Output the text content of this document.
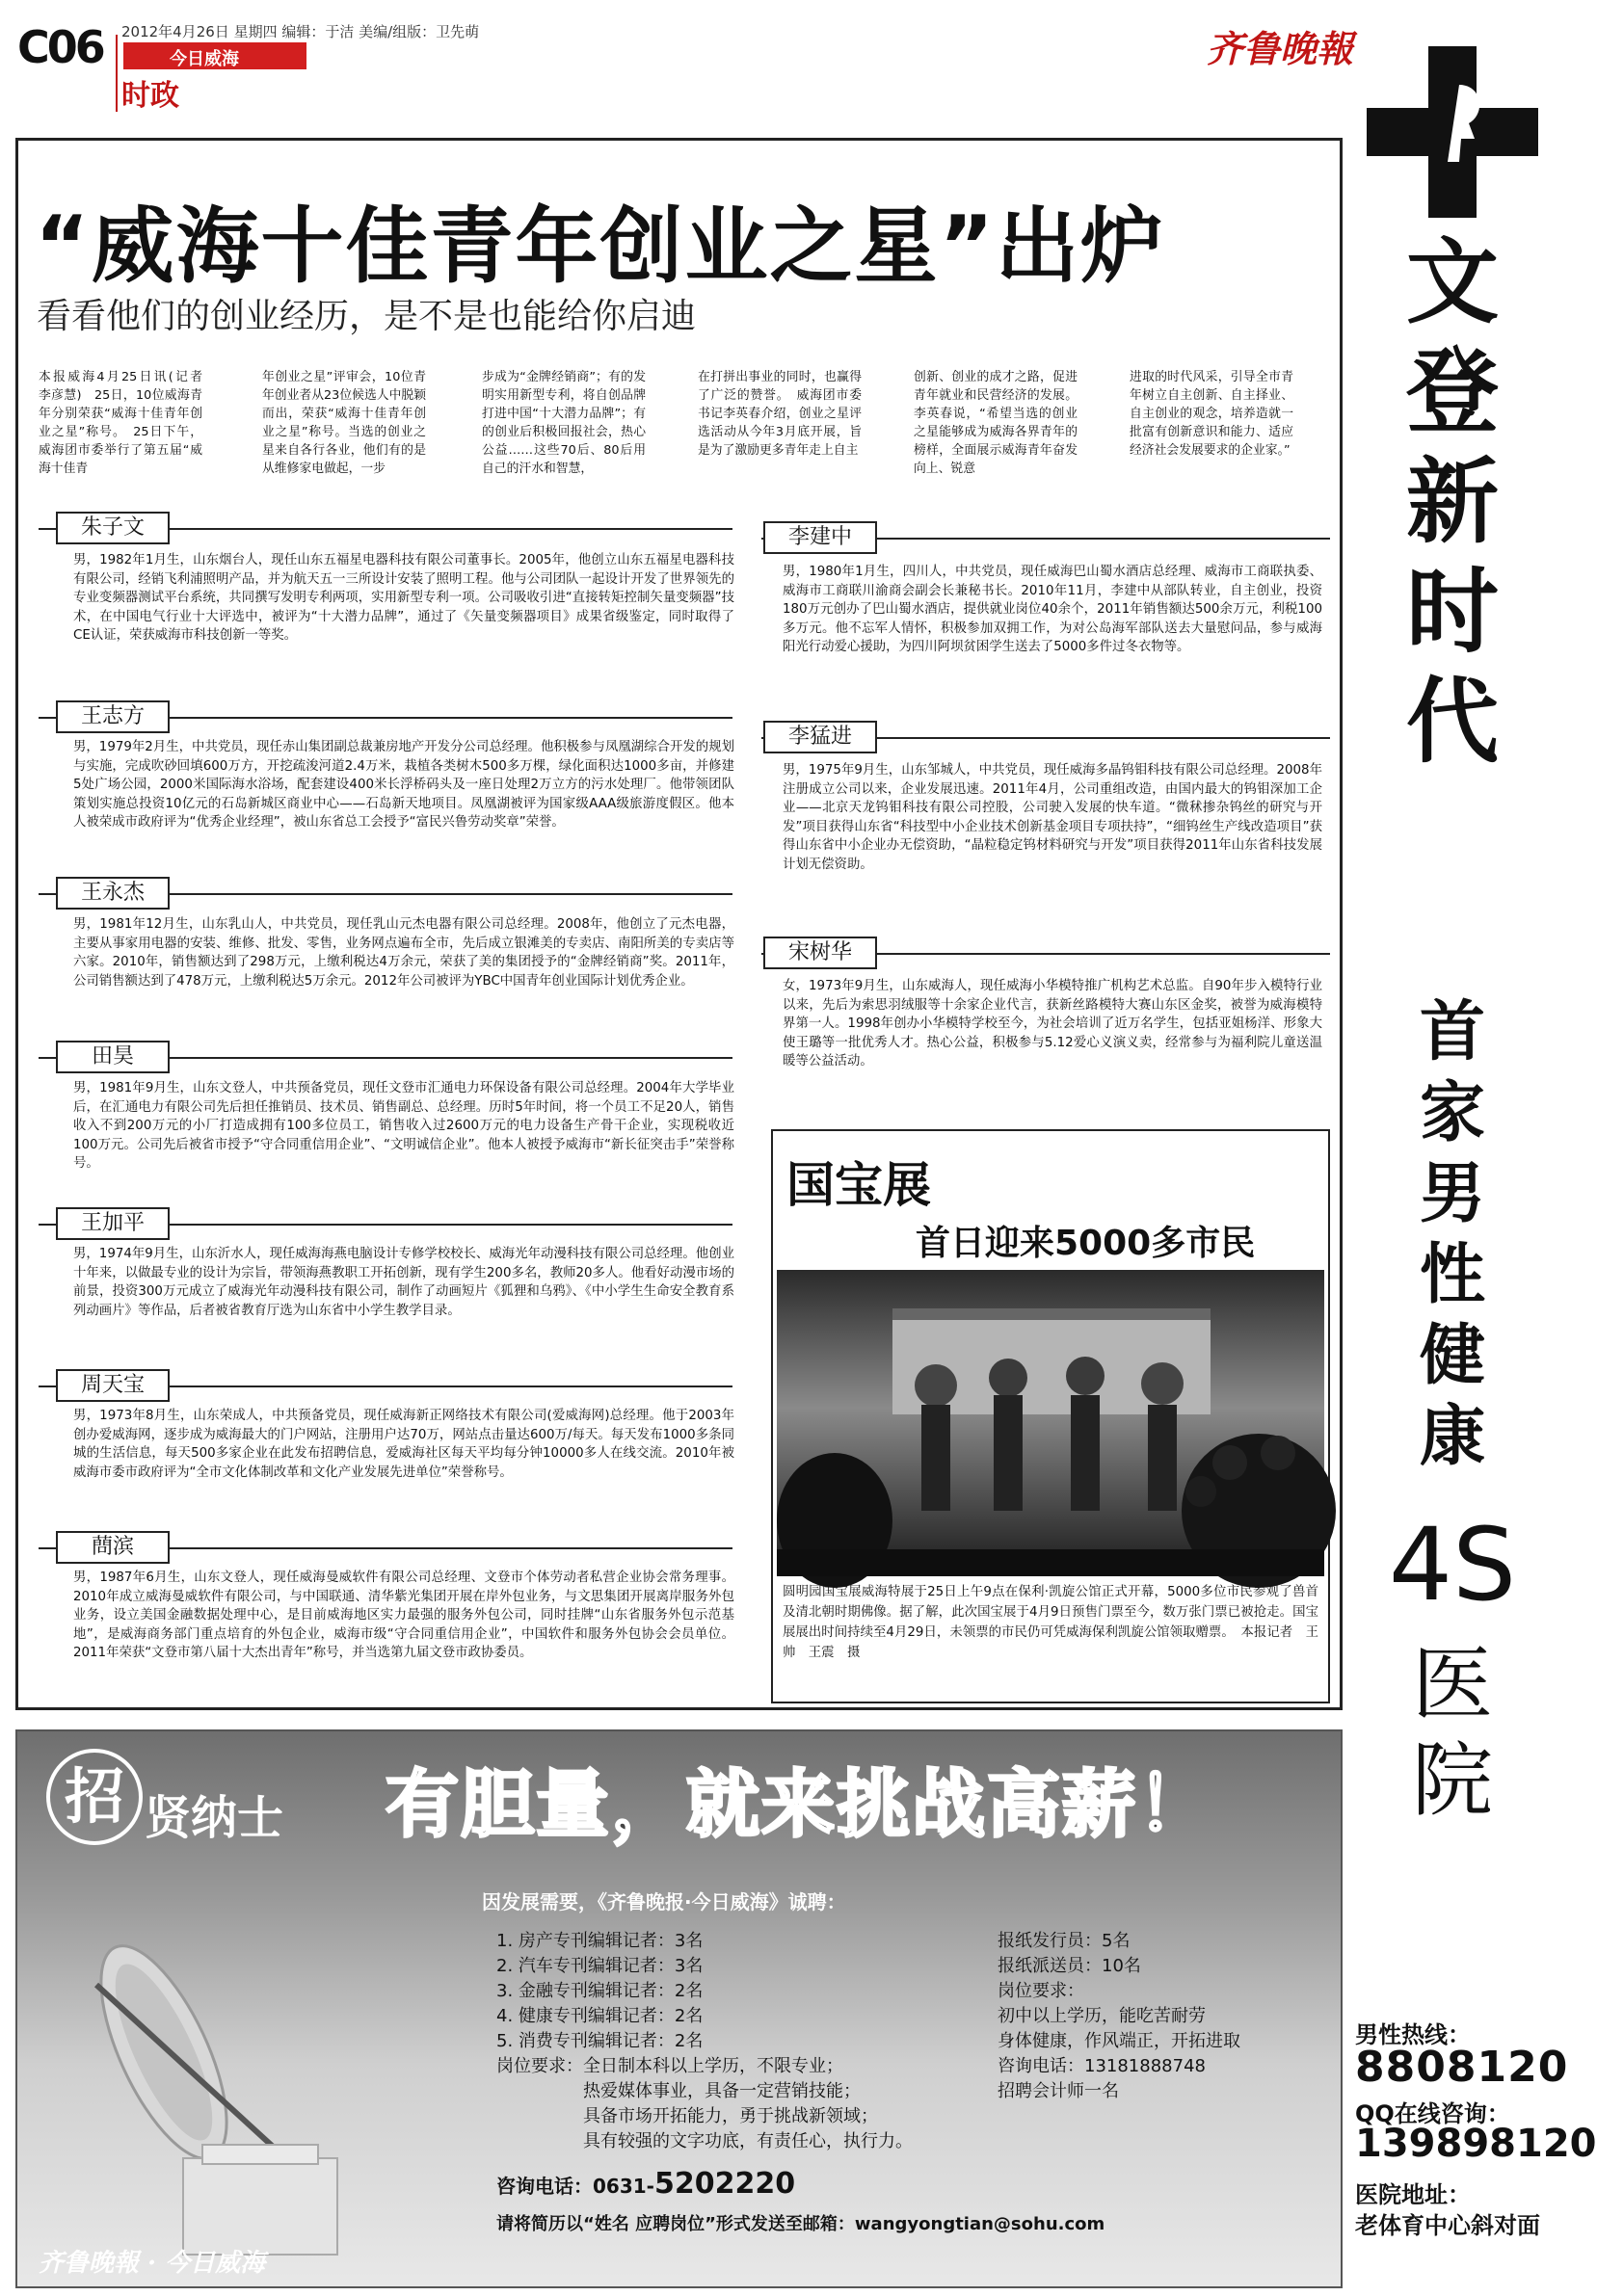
C06 2012年4月26日 星期四 编辑：于洁 美编/组版：卫先萌
今日威海
时政
齐鲁晚報
“威海十佳青年创业之星”出炉
看看他们的创业经历，是不是也能给你启迪
本报威海4月25日讯(记者　李彦慧)　25日，10位威海青年分别荣获“威海十佳青年创业之星”称号。　25日下午，威海团市委举行了第五届“威海十佳青
年创业之星”评审会，10位青年创业者从23位候选人中脱颖而出，荣获“威海十佳青年创业之星”称号。当选的创业之星来自各行各业，他们有的是从维修家电做起，一步
步成为“金牌经销商”；有的发明实用新型专利，将自创品牌打进中国“十大潜力品牌”；有的创业后积极回报社会，热心公益……这些70后、80后用自己的汗水和智慧，
在打拼出事业的同时，也赢得了广泛的赞誉。　威海团市委书记李英春介绍，创业之星评选活动从今年3月底开展，旨是为了激励更多青年走上自主
创新、创业的成才之路，促进青年就业和民营经济的发展。李英春说，“希望当选的创业之星能够成为威海各界青年的榜样，全面展示威海青年奋发向上、锐意
进取的时代风采，引导全市青年树立自主创新、自主择业、自主创业的观念，培养造就一批富有创新意识和能力、适应经济社会发展要求的企业家。”
朱子文
男，1982年1月生，山东烟台人，现任山东五福星电器科技有限公司董事长。2005年，他创立山东五福星电器科技有限公司，经销飞利浦照明产品，并为航天五一三所设计安装了照明工程。他与公司团队一起设计开发了世界领先的专业变频器测试平台系统，共同撰写发明专利两项，实用新型专利一项。公司吸收引进“直接转矩控制矢量变频器”技术，在中国电气行业十大评选中，被评为“十大潜力品牌”，通过了《矢量变频器项目》成果省级鉴定，同时取得了CE认证，荣获威海市科技创新一等奖。
王志方
男，1979年2月生，中共党员，现任赤山集团副总裁兼房地产开发分公司总经理。他积极参与凤凰湖综合开发的规划与实施，完成吹砂回填600万方，开挖疏浚河道2.4万米，栽植各类树木500多万棵，绿化面积达1000多亩，并修建5处广场公园，2000米国际海水浴场，配套建设400米长浮桥码头及一座日处理2万立方的污水处理厂。他带领团队策划实施总投资10亿元的石岛新城区商业中心——石岛新天地项目。凤凰湖被评为国家级AAA级旅游度假区。他本人被荣成市政府评为“优秀企业经理”，被山东省总工会授予“富民兴鲁劳动奖章”荣誉。
王永杰
男，1981年12月生，山东乳山人，中共党员，现任乳山元杰电器有限公司总经理。2008年，他创立了元杰电器，主要从事家用电器的安装、维修、批发、零售，业务网点遍布全市，先后成立银滩美的专卖店、南阳所美的专卖店等六家。2010年，销售额达到了298万元，上缴利税达4万余元，荣获了美的集团授予的“金牌经销商”奖。2011年，公司销售额达到了478万元，上缴利税达5万余元。2012年公司被评为YBC中国青年创业国际计划优秀企业。
田昊
男，1981年9月生，山东文登人，中共预备党员，现任文登市汇通电力环保设备有限公司总经理。2004年大学毕业后，在汇通电力有限公司先后担任推销员、技术员、销售副总、总经理。历时5年时间，将一个员工不足20人，销售收入不到200万元的小厂打造成拥有100多位员工，销售收入过2600万元的电力设备生产骨干企业，实现税收近100万元。公司先后被省市授予“守合同重信用企业”、“文明诚信企业”。他本人被授予威海市“新长征突击手”荣誉称号。
王加平
男，1974年9月生，山东沂水人，现任威海海燕电脑设计专修学校校长、威海光年动漫科技有限公司总经理。他创业十年来，以做最专业的设计为宗旨，带领海燕教职工开拓创新，现有学生200多名，教师20多人。他看好动漫市场的前景，投资300万元成立了威海光年动漫科技有限公司，制作了动画短片《狐狸和乌鸦》、《中小学生生命安全教育系列动画片》等作品，后者被省教育厅选为山东省中小学生教学目录。
周天宝
男，1973年8月生，山东荣成人，中共预备党员，现任威海新正网络技术有限公司(爱威海网)总经理。他于2003年创办爱威海网，逐步成为威海最大的门户网站，注册用户达70万，网站点击量达600万/每天。每天发布1000多条同城的生活信息，每天500多家企业在此发布招聘信息，爱威海社区每天平均每分钟10000多人在线交流。2010年被威海市委市政府评为“全市文化体制改革和文化产业发展先进单位”荣誉称号。
蔄滨
男，1987年6月生，山东文登人，现任威海曼威软件有限公司总经理、文登市个体劳动者私营企业协会常务理事。2010年成立威海曼威软件有限公司，与中国联通、清华紫光集团开展在岸外包业务，与文思集团开展离岸服务外包业务，设立美国金融数据处理中心，是目前威海地区实力最强的服务外包公司，同时挂牌“山东省服务外包示范基地”，是威海商务部门重点培育的外包企业，威海市级“守合同重信用企业”，中国软件和服务外包协会会员单位。2011年荣获“文登市第八届十大杰出青年”称号，并当选第九届文登市政协委员。
李建中
男，1980年1月生，四川人，中共党员，现任威海巴山蜀水酒店总经理、威海市工商联执委、威海市工商联川渝商会副会长兼秘书长。2010年11月，李建中从部队转业，自主创业，投资180万元创办了巴山蜀水酒店，提供就业岗位40余个，2011年销售额达500余万元，利税100多万元。他不忘军人情怀，积极参加双拥工作，为对公岛海军部队送去大量慰问品，参与威海阳光行动爱心援助，为四川阿坝贫困学生送去了5000多件过冬衣物等。
李猛进
男，1975年9月生，山东邹城人，中共党员，现任威海多晶钨钼科技有限公司总经理。2008年注册成立公司以来，企业发展迅速。2011年4月，公司重组改造，由国内最大的钨钼深加工企业——北京天龙钨钼科技有限公司控股，公司驶入发展的快车道。“微秫掺杂钨丝的研究与开发”项目获得山东省“科技型中小企业技术创新基金项目专项扶持”，“细钨丝生产线改造项目”获得山东省中小企业办无偿资助，“晶粒稳定钨材料研究与开发”项目获得2011年山东省科技发展计划无偿资助。
宋树华
女，1973年9月生，山东威海人，现任威海小华模特推广机构艺术总监。自90年步入模特行业以来，先后为索思羽绒服等十余家企业代言，获新丝路模特大赛山东区金奖，被誉为威海模特界第一人。1998年创办小华模特学校至今，为社会培训了近万名学生，包括亚姐杨洋、形象大使王璐等一批优秀人才。热心公益，积极参与5.12爱心义演义卖，经常参与为福利院儿童送温暖等公益活动。
国宝展
首日迎来5000多市民
圆明园国宝展威海特展于25日上午9点在保利·凯旋公馆正式开幕，5000多位市民参观了兽首及清北朝时期佛像。据了解，此次国宝展于4月9日预售门票至今，数万张门票已被抢走。国宝展展出时间持续至4月29日，未领票的市民仍可凭威海保利凯旋公馆领取赠票。　本报记者　王帅　王震　摄
文
登
新
时
代
首
家
男
性
健
康
4S
医
院
男性热线：
8808120
QQ在线咨询：
139898120
医院地址：
老体育中心斜对面
招 贤纳士 有胆量，就来挑战高薪！
因发展需要，《齐鲁晚报·今日威海》诚聘：
1. 房产专刊编辑记者：3名
2. 汽车专刊编辑记者：3名
3. 金融专刊编辑记者：2名
4. 健康专刊编辑记者：2名
5. 消费专刊编辑记者：2名
岗位要求：全日制本科以上学历，不限专业；
　　　　　热爱媒体事业，具备一定营销技能；
　　　　　具备市场开拓能力，勇于挑战新领域；
　　　　　具有较强的文字功底，有责任心，执行力。
报纸发行员：5名
报纸派送员：10名
岗位要求：
初中以上学历，能吃苦耐劳
身体健康，作风端正，开拓进取
咨询电话：13181888748
招聘会计师一名
咨询电话：0631-5202220
请将简历以“姓名 应聘岗位”形式发送至邮箱：wangyongtian@sohu.com
齐鲁晚報 · 今日威海
